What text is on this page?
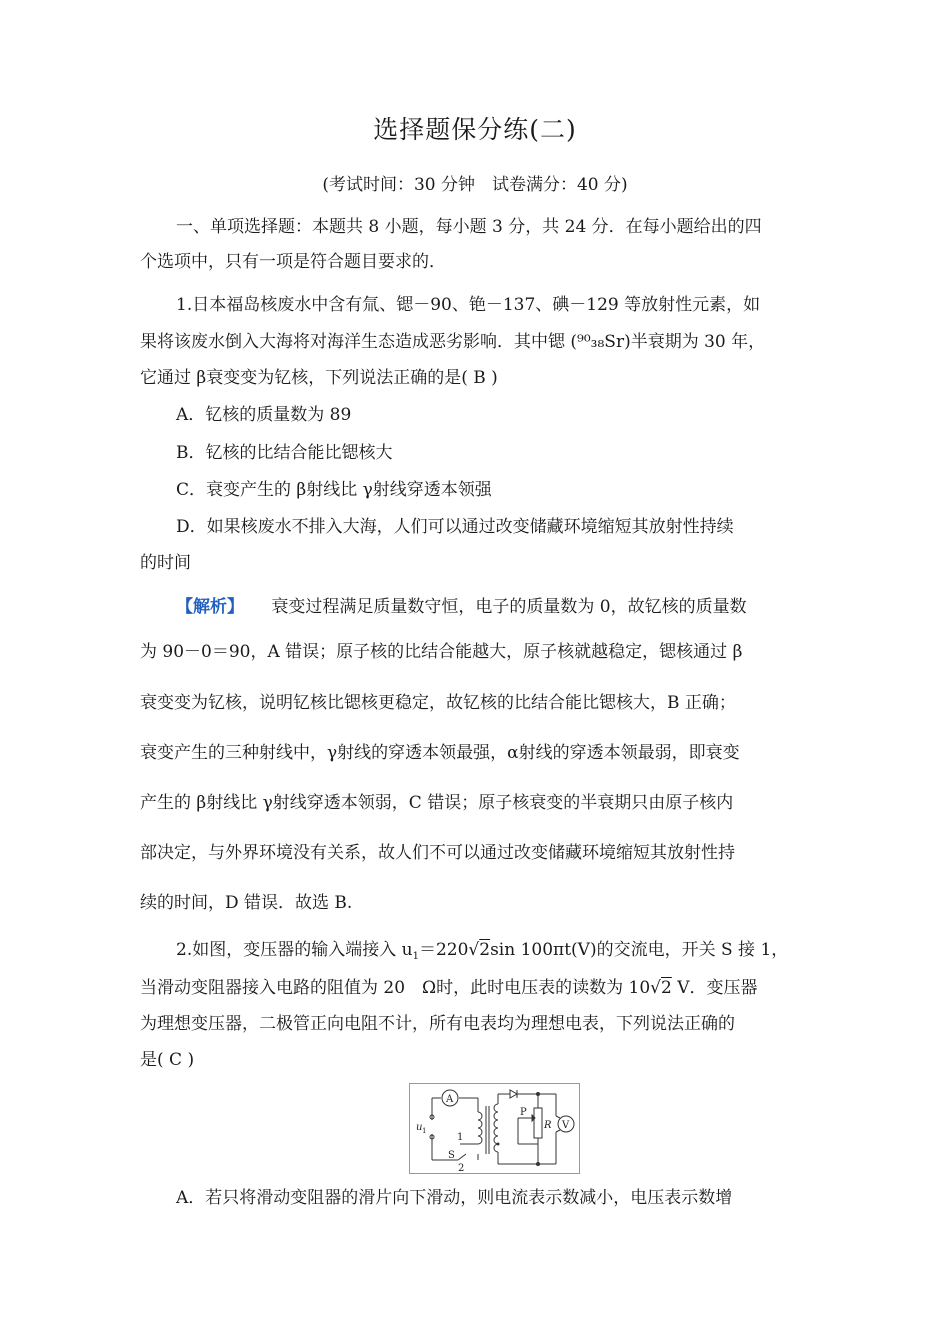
选择题保分练(二)
(考试时间：30 分钟　试卷满分：40 分)
一、单项选择题：本题共 8 小题，每小题 3 分，共 24 分．在每小题给出的四
个选项中，只有一项是符合题目要求的．
1.日本福岛核废水中含有氚、锶－90、铯－137、碘－129 等放射性元素，如
果将该废水倒入大海将对海洋生态造成恶劣影响．其中锶 (⁹⁰₃₈Sr)半衰期为 30 年，
它通过 β衰变变为钇核，下列说法正确的是( B )
A．钇核的质量数为 89
B．钇核的比结合能比锶核大
C．衰变产生的 β射线比 γ射线穿透本领强
D．如果核废水不排入大海，人们可以通过改变储藏环境缩短其放射性持续
的时间
【解析】 衰变过程满足质量数守恒，电子的质量数为 0，故钇核的质量数
为 90－0＝90，A 错误；原子核的比结合能越大，原子核就越稳定，锶核通过 β
衰变变为钇核，说明钇核比锶核更稳定，故钇核的比结合能比锶核大，B 正确；
衰变产生的三种射线中，γ射线的穿透本领最强，α射线的穿透本领最弱，即衰变
产生的 β射线比 γ射线穿透本领弱，C 错误；原子核衰变的半衰期只由原子核内
部决定，与外界环境没有关系，故人们不可以通过改变储藏环境缩短其放射性持
续的时间，D 错误．故选 B.
2.如图，变压器的输入端接入 $u_1=220√2\sin$ 100πt(V)的交流电，开关 S 接 1，
当滑动变阻器接入电路的阻值为 20　Ω时，此时电压表的读数为 10√2 V．变压器
为理想变压器，二极管正向电阻不计，所有电表均为理想电表，下列说法正确的
是( C )
A
u 1
1
S
2
P
R V
A．若只将滑动变阻器的滑片向下滑动，则电流表示数减小，电压表示数增
